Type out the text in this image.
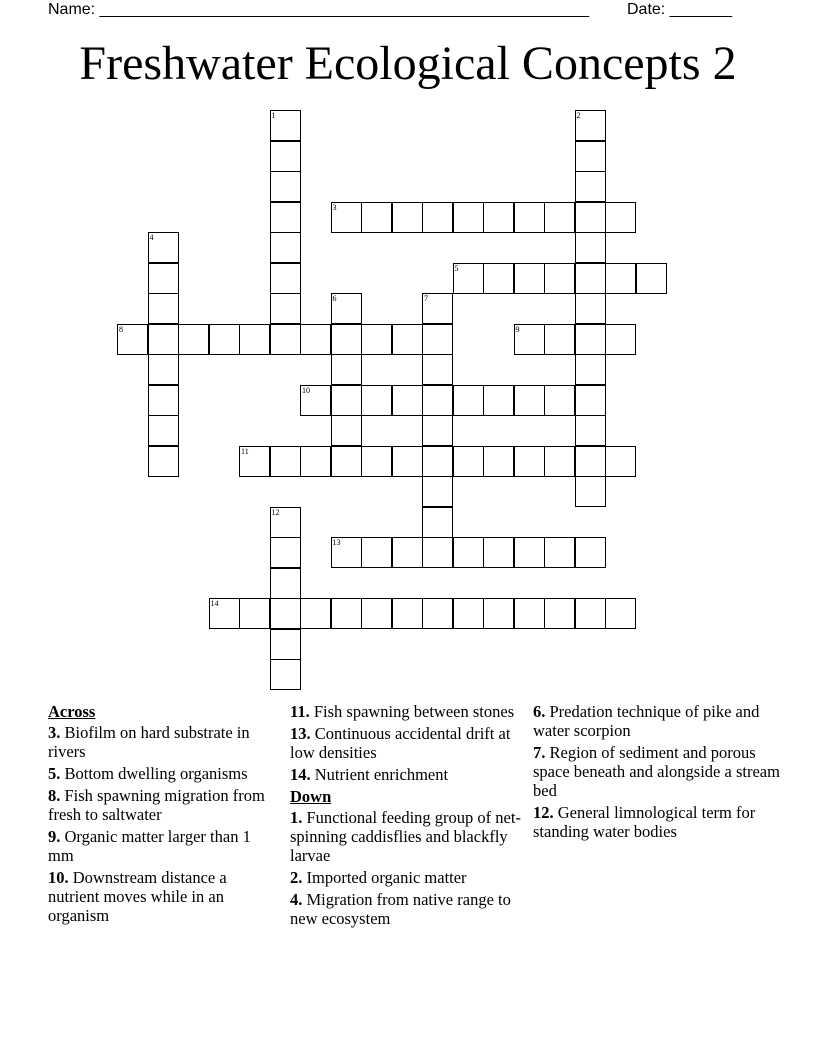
Name: _______________________________________________________ Date: _______
Freshwater Ecological Concepts 2
1	2
3
4
5
6	7
8	9
10
11
12
13
14
Across
3. Biofilm on hard substrate in rivers
5. Bottom dwelling organisms
8. Fish spawning migration from fresh to saltwater
9. Organic matter larger than 1 mm
10. Downstream distance a nutrient moves while in an organism
11. Fish spawning between stones
13. Continuous accidental drift at low densities
14. Nutrient enrichment
Down
1. Functional feeding group of net-spinning caddisflies and blackfly larvae
2. Imported organic matter
4. Migration from native range to new ecosystem
6. Predation technique of pike and water scorpion
7. Region of sediment and porous space beneath and alongside a stream bed
12. General limnological term for standing water bodies
